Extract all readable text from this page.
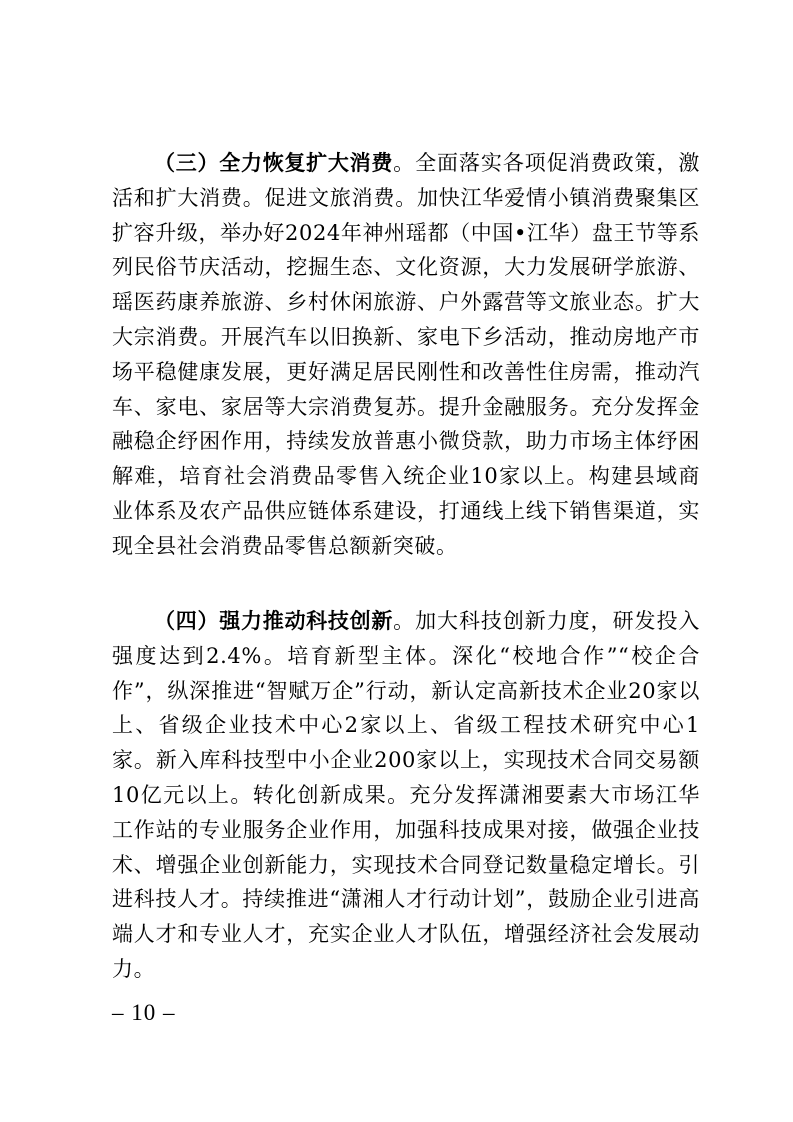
（三）全力恢复扩大消费。全面落实各项促消费政策，激活和扩大消费。促进文旅消费。加快江华爱情小镇消费聚集区扩容升级，举办好2024年神州瑶都（中国•江华）盘王节等系列民俗节庆活动，挖掘生态、文化资源，大力发展研学旅游、瑶医药康养旅游、乡村休闲旅游、户外露营等文旅业态。扩大大宗消费。开展汽车以旧换新、家电下乡活动，推动房地产市场平稳健康发展，更好满足居民刚性和改善性住房需，推动汽车、家电、家居等大宗消费复苏。提升金融服务。充分发挥金融稳企纾困作用，持续发放普惠小微贷款，助力市场主体纾困解难，培育社会消费品零售入统企业10家以上。构建县域商业体系及农产品供应链体系建设，打通线上线下销售渠道，实现全县社会消费品零售总额新突破。

（四）强力推动科技创新。加大科技创新力度，研发投入强度达到2.4%。培育新型主体。深化“校地合作”“校企合作”，纵深推进“智赋万企”行动，新认定高新技术企业20家以上、省级企业技术中心2家以上、省级工程技术研究中心1家。新入库科技型中小企业200家以上，实现技术合同交易额10亿元以上。转化创新成果。充分发挥潇湘要素大市场江华工作站的专业服务企业作用，加强科技成果对接，做强企业技术、增强企业创新能力，实现技术合同登记数量稳定增长。引进科技人才。持续推进“潇湘人才行动计划”，鼓励企业引进高端人才和专业人才，充实企业人才队伍，增强经济社会发展动力。

– 10 –
